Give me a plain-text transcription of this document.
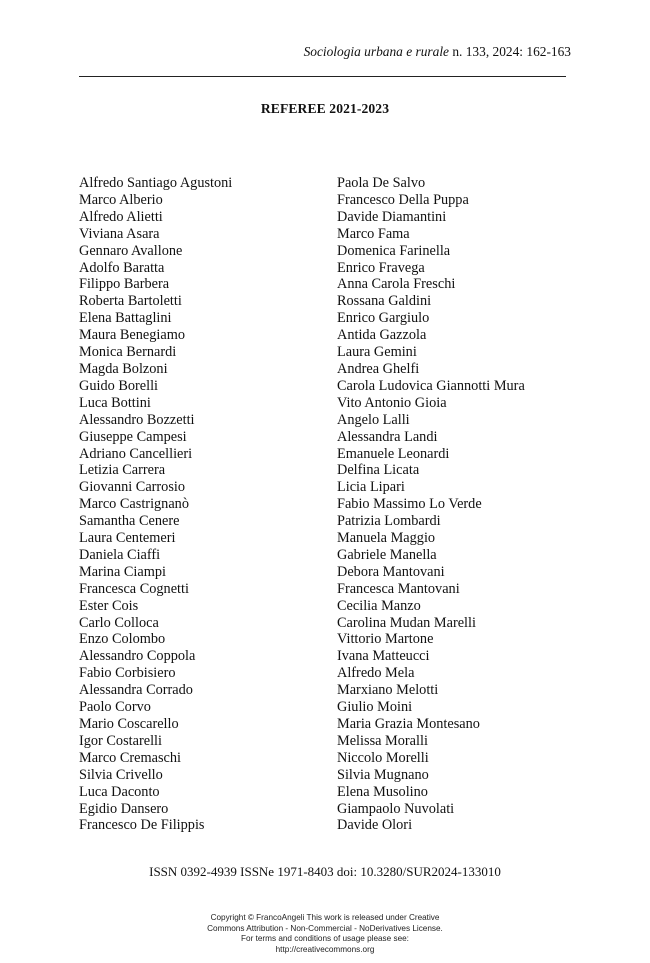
Sociologia urbana e rurale n. 133, 2024: 162-163
REFEREE 2021-2023
Alfredo Santiago Agustoni
Marco Alberio
Alfredo Alietti
Viviana Asara
Gennaro Avallone
Adolfo Baratta
Filippo Barbera
Roberta Bartoletti
Elena Battaglini
Maura Benegiamo
Monica Bernardi
Magda Bolzoni
Guido Borelli
Luca Bottini
Alessandro Bozzetti
Giuseppe Campesi
Adriano Cancellieri
Letizia Carrera
Giovanni Carrosio
Marco Castrignanò
Samantha Cenere
Laura Centemeri
Daniela Ciaffi
Marina Ciampi
Francesca Cognetti
Ester Cois
Carlo Colloca
Enzo Colombo
Alessandro Coppola
Fabio Corbisiero
Alessandra Corrado
Paolo Corvo
Mario Coscarello
Igor Costarelli
Marco Cremaschi
Silvia Crivello
Luca Daconto
Egidio Dansero
Francesco De Filippis
Paola De Salvo
Francesco Della Puppa
Davide Diamantini
Marco Fama
Domenica Farinella
Enrico Fravega
Anna Carola Freschi
Rossana Galdini
Enrico Gargiulo
Antida Gazzola
Laura Gemini
Andrea Ghelfi
Carola Ludovica Giannotti Mura
Vito Antonio Gioia
Angelo Lalli
Alessandra Landi
Emanuele Leonardi
Delfina Licata
Licia Lipari
Fabio Massimo Lo Verde
Patrizia Lombardi
Manuela Maggio
Gabriele Manella
Debora Mantovani
Francesca Mantovani
Cecilia Manzo
Carolina Mudan Marelli
Vittorio Martone
Ivana Matteucci
Alfredo Mela
Marxiano Melotti
Giulio Moini
Maria Grazia Montesano
Melissa Moralli
Niccolo Morelli
Silvia Mugnano
Elena Musolino
Giampaolo Nuvolati
Davide Olori
ISSN 0392-4939 ISSNe 1971-8403 doi: 10.3280/SUR2024-133010
Copyright © FrancoAngeli This work is released under Creative
Commons Attribution - Non-Commercial - NoDerivatives License.
For terms and conditions of usage please see:
http://creativecommons.org
